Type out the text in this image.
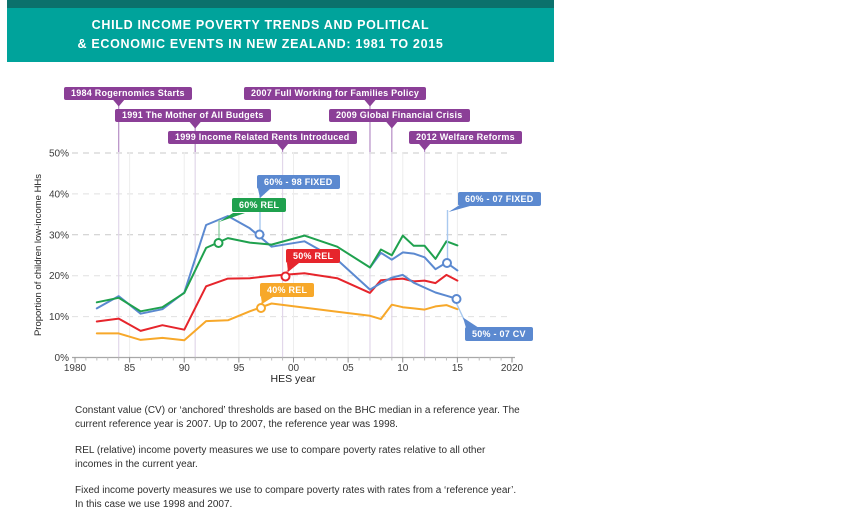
CHILD INCOME POVERTY TRENDS AND POLITICAL
& ECONOMIC EVENTS IN NEW ZEALAND: 1981 TO 2015
1980	85	90	95	00	05	10	15	2020
0%
10%
20%
30%
40%
50%
Proportion of children low-income HHs
HES year
1984 Rogernomics Starts
1991 The Mother of All Budgets
1999 Income Related Rents Introduced
2007 Full Working for Families Policy
2009 Global Financial Crisis
2012 Welfare Reforms
60% REL
60% - 98 FIXED
50% REL
40% REL
60% - 07 FIXED
50% - 07 CV

Constant value (CV) or ‘anchored’ thresholds are based on the BHC median in a reference year. The current reference year is 2007. Up to 2007, the reference year was 1998.

REL (relative) income poverty measures we use to compare poverty rates relative to all other incomes in the current year.

Fixed income poverty measures we use to compare poverty rates with rates from a ‘reference year’. In this case we use 1998 and 2007.
